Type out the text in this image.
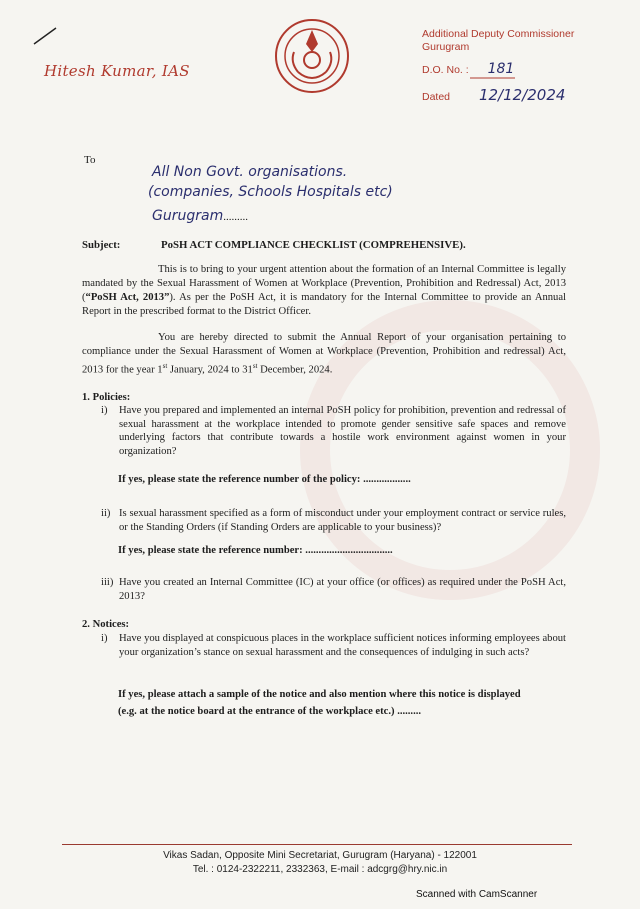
Hitesh Kumar, IAS
Additional Deputy Commissioner
Gurugram
D.O. No. : 181
Dated 12/12/2024
To
All Non Govt. organisations.
(companies, Schools Hospitals etc)
Gurugram.........
Subject:	PoSH ACT COMPLIANCE CHECKLIST (COMPREHENSIVE).
This is to bring to your urgent attention about the formation of an Internal Committee is legally mandated by the Sexual Harassment of Women at Workplace (Prevention, Prohibition and Redressal) Act, 2013 (“PoSH Act, 2013”). As per the PoSH Act, it is mandatory for the Internal Committee to provide an Annual Report in the prescribed format to the District Officer.
You are hereby directed to submit the Annual Report of your organisation pertaining to compliance under the Sexual Harassment of Women at Workplace (Prevention, Prohibition and redressal) Act, 2013 for the year 1st January, 2024 to 31st December, 2024.
1. Policies:
i) Have you prepared and implemented an internal PoSH policy for prohibition, prevention and redressal of sexual harassment at the workplace intended to promote gender sensitive safe spaces and remove underlying factors that contribute towards a hostile work environment against women in your organization?
If yes, please state the reference number of the policy: ..................
ii) Is sexual harassment specified as a form of misconduct under your employment contract or service rules, or the Standing Orders (if Standing Orders are applicable to your business)?
If yes, please state the reference number: .................................
iii) Have you created an Internal Committee (IC) at your office (or offices) as required under the PoSH Act, 2013?
2. Notices:
i) Have you displayed at conspicuous places in the workplace sufficient notices informing employees about your organization’s stance on sexual harassment and the consequences of indulging in such acts?
If yes, please attach a sample of the notice and also mention where this notice is displayed
(e.g. at the notice board at the entrance of the workplace etc.) .........
Vikas Sadan, Opposite Mini Secretariat, Gurugram (Haryana) - 122001
Tel. : 0124-2322211, 2332363, E-mail : adcgrg@hry.nic.in
Scanned with CamScanner
